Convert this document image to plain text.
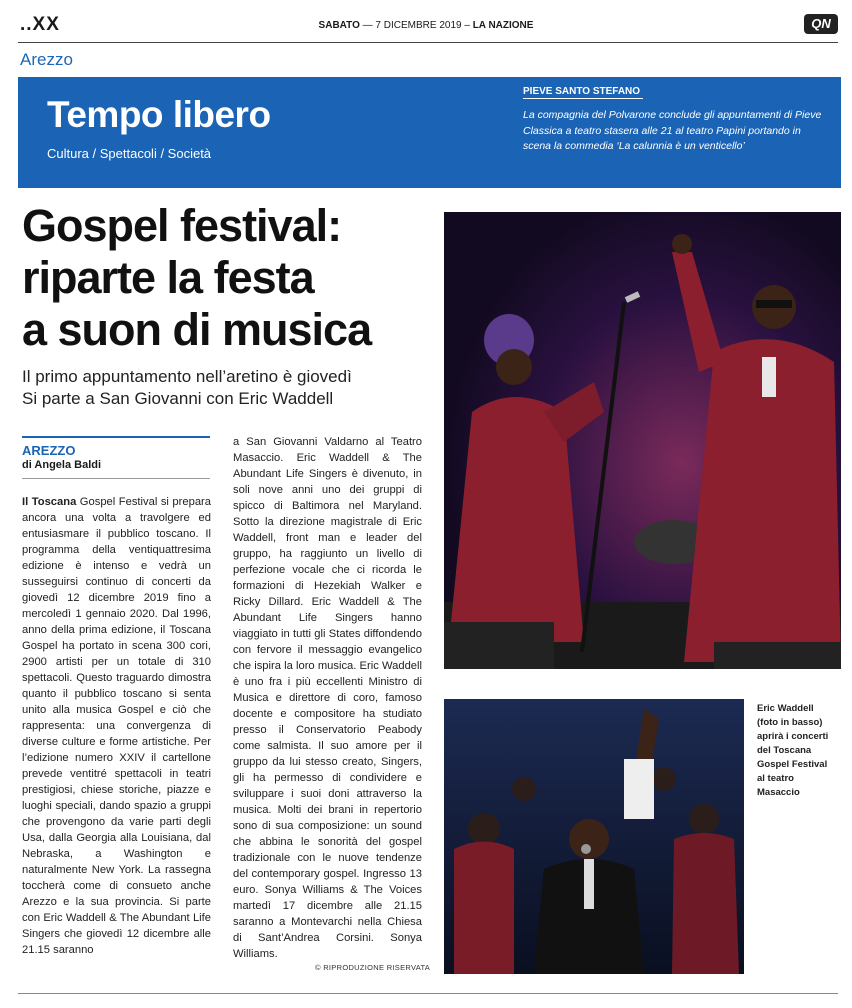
..XX	SABATO — 7 DICEMBRE 2019 – LA NAZIONE	QN
Arezzo
Tempo libero
Cultura / Spettacoli / Società
PIEVE SANTO STEFANO
La compagnia del Polvarone conclude gli appuntamenti di Pieve Classica a teatro stasera alle 21 al teatro Papini portando in scena la commedia ‘La calunnia è un venticello’
Gospel festival:
riparte la festa
a suon di musica
Il primo appuntamento nell’aretino è giovedì
Si parte a San Giovanni con Eric Waddell
AREZZO
di Angela Baldi

Il Toscana Gospel Festival si prepara ancora una volta a travolgere ed entusiasmare il pubblico toscano. Il programma della ventiquattresima edizione è intenso e vedrà un susseguirsi continuo di concerti da giovedì 12 dicembre 2019 fino a mercoledì 1 gennaio 2020. Dal 1996, anno della prima edizione, il Toscana Gospel ha portato in scena 300 cori, 2900 artisti per un totale di 310 spettacoli. Questo traguardo dimostra quanto il pubblico toscano si senta unito alla musica Gospel e ciò che rappresenta: una convergenza di diverse culture e forme artistiche. Per l’edizione numero XXIV il cartellone prevede ventitré spettacoli in teatri prestigiosi, chiese storiche, piazze e luoghi speciali, dando spazio a gruppi che provengono da varie parti degli Usa, dalla Georgia alla Louisiana, dal Nebraska, a Washington e naturalmente New York. La rassegna toccherà come di consueto anche Arezzo e la sua provincia. Si parte con Eric Waddell & The Abundant Life Singers che giovedì 12 dicembre alle 21.15 saranno

a San Giovanni Valdarno al Teatro Masaccio. Eric Waddell & The Abundant Life Singers è divenuto, in soli nove anni uno dei gruppi di spicco di Baltimora nel Maryland. Sotto la direzione magistrale di Eric Waddell, front man e leader del gruppo, ha raggiunto un livello di perfezione vocale che ci ricorda le formazioni di Hezekiah Walker e Ricky Dillard. Eric Waddell & The Abundant Life Singers hanno viaggiato in tutti gli States diffondendo con fervore il messaggio evangelico che ispira la loro musica. Eric Waddell è uno fra i più eccellenti Ministro di Musica e direttore di coro, famoso docente e compositore ha studiato presso il Conservatorio Peabody come salmista. Il suo amore per il gruppo da lui stesso creato, Singers, gli ha permesso di condividere e sviluppare i suoi doni attraverso la musica. Molti dei brani in repertorio sono di sua composizione: un sound che abbina le sonorità del gospel tradizionale con le nuove tendenze del contemporary gospel. Ingresso 13 euro. Sonya Williams & The Voices martedì 17 dicembre alle 21.15 saranno a Montevarchi nella Chiesa di Sant’Andrea Corsini. Sonya Williams.

© RIPRODUZIONE RISERVATA
Eric Waddell
(foto in basso)
aprirà i concerti
del Toscana
Gospel Festival
al teatro
Masaccio
